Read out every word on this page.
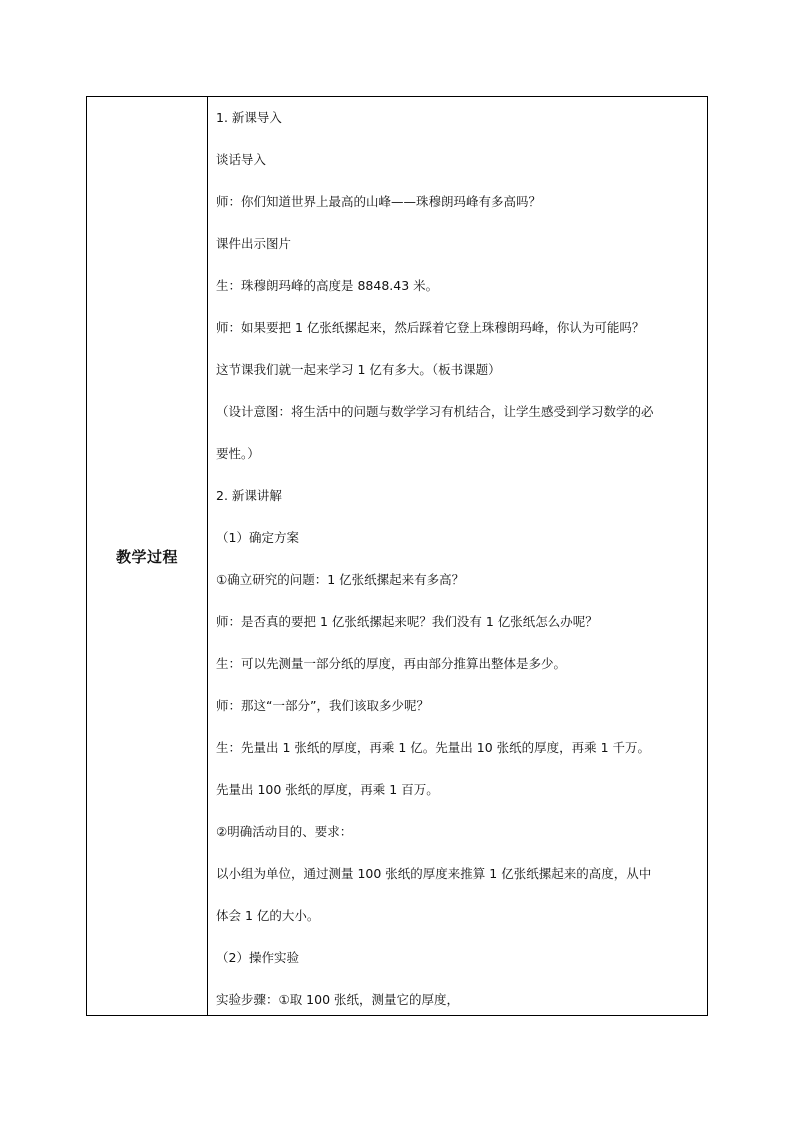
教学过程
1. 新课导入
谈话导入
师：你们知道世界上最高的山峰——珠穆朗玛峰有多高吗？
课件出示图片
生：珠穆朗玛峰的高度是 8848.43 米。
师：如果要把 1 亿张纸摞起来，然后踩着它登上珠穆朗玛峰，你认为可能吗？
这节课我们就一起来学习 1 亿有多大。（板书课题）
（设计意图：将生活中的问题与数学学习有机结合，让学生感受到学习数学的必
要性。）
2. 新课讲解
（1）确定方案
①确立研究的问题：1 亿张纸摞起来有多高？
师：是否真的要把 1 亿张纸摞起来呢？我们没有 1 亿张纸怎么办呢？
生：可以先测量一部分纸的厚度，再由部分推算出整体是多少。
师：那这“一部分”，我们该取多少呢？
生：先量出 1 张纸的厚度，再乘 1 亿。先量出 10 张纸的厚度，再乘 1 千万。
先量出 100 张纸的厚度，再乘 1 百万。
②明确活动目的、要求：
以小组为单位，通过测量 100 张纸的厚度来推算 1 亿张纸摞起来的高度，从中
体会 1 亿的大小。
（2）操作实验
实验步骤：①取 100 张纸，测量它的厚度，
